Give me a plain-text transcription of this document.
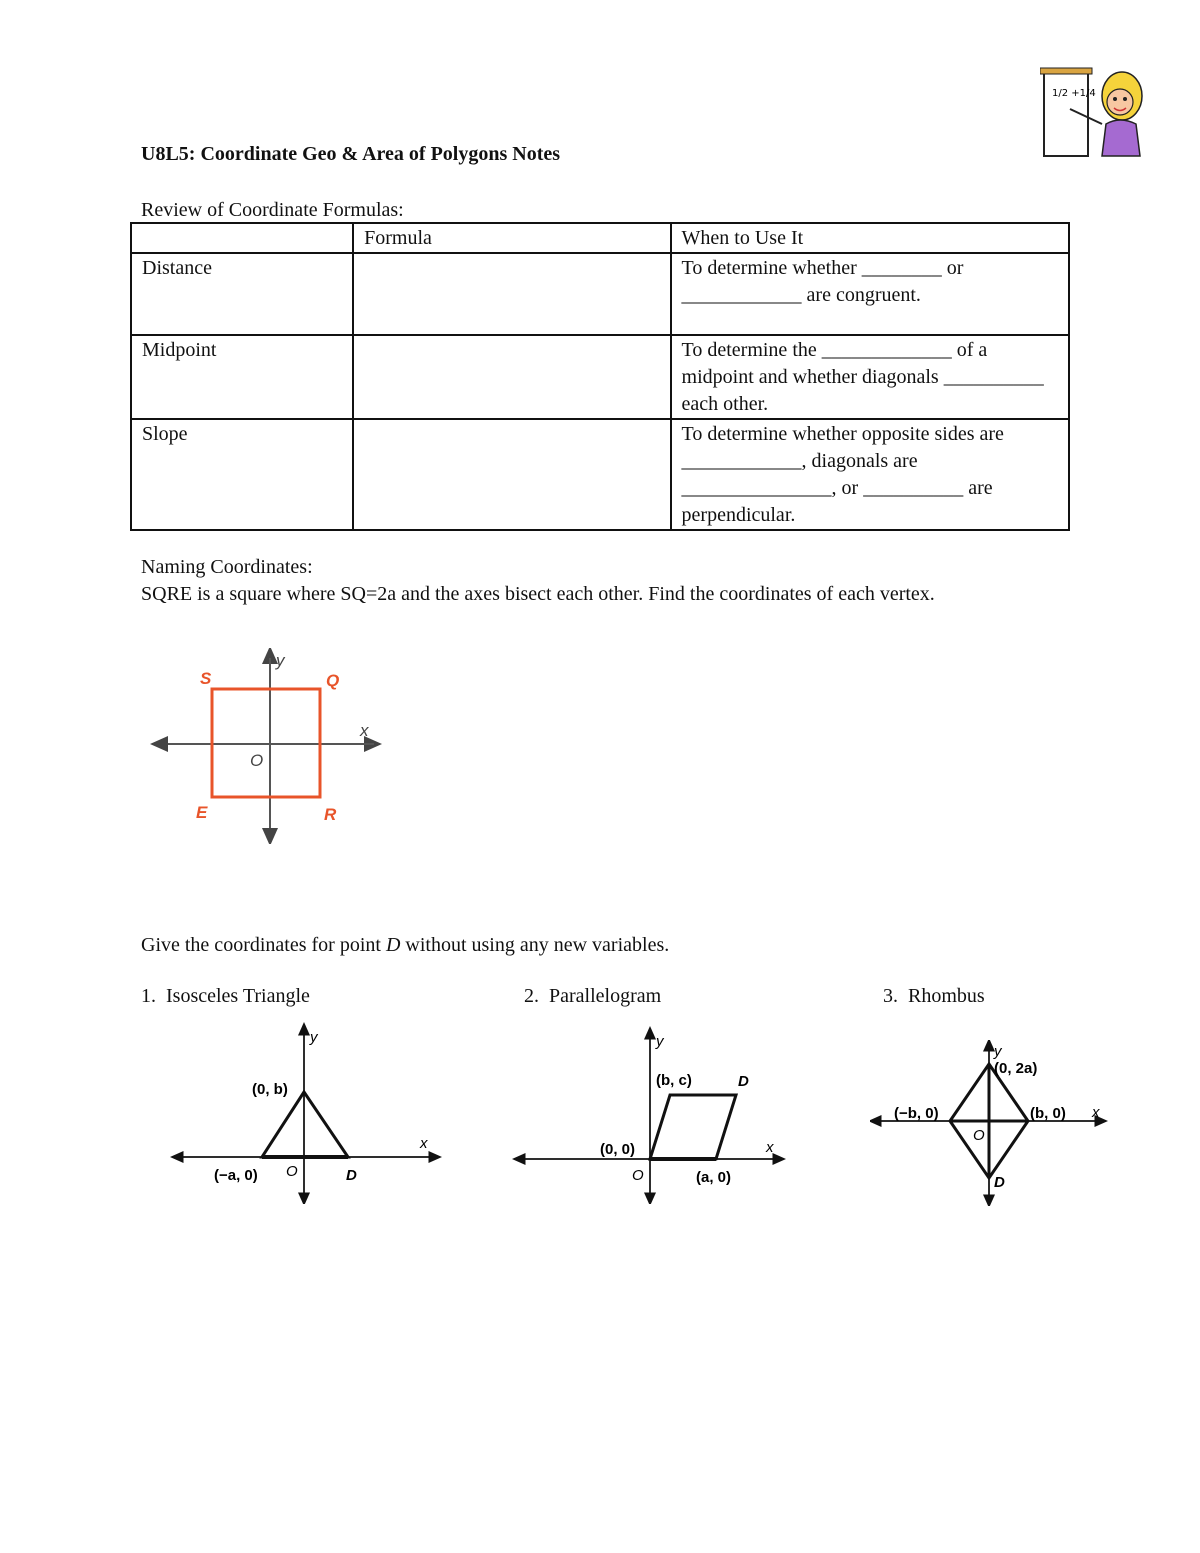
1/2 +1/4
U8L5: Coordinate Geo & Area of Polygons Notes
Review of Coordinate Formulas:
	Formula	When to Use It
Distance		To determine whether ________ or ____________ are congruent.
Midpoint		To determine the _____________ of a midpoint and whether diagonals __________ each other.
Slope		To determine whether opposite sides are ____________, diagonals are _______________, or __________ are perpendicular.
Naming Coordinates:
SQRE is a square where SQ=2a and the axes bisect each other. Find the coordinates of each vertex.
S	Q
E	R
O
x
y
Give the coordinates for point D without using any new variables.
1. Isosceles Triangle	2. Parallelogram	3. Rhombus
(0, b)
(−a, 0) O	D
x
y
(b, c)	D
(0, 0)
O	(a, 0)
x
y
(0, 2a)
(−b, 0)	(b, 0)
O
D
x
y
